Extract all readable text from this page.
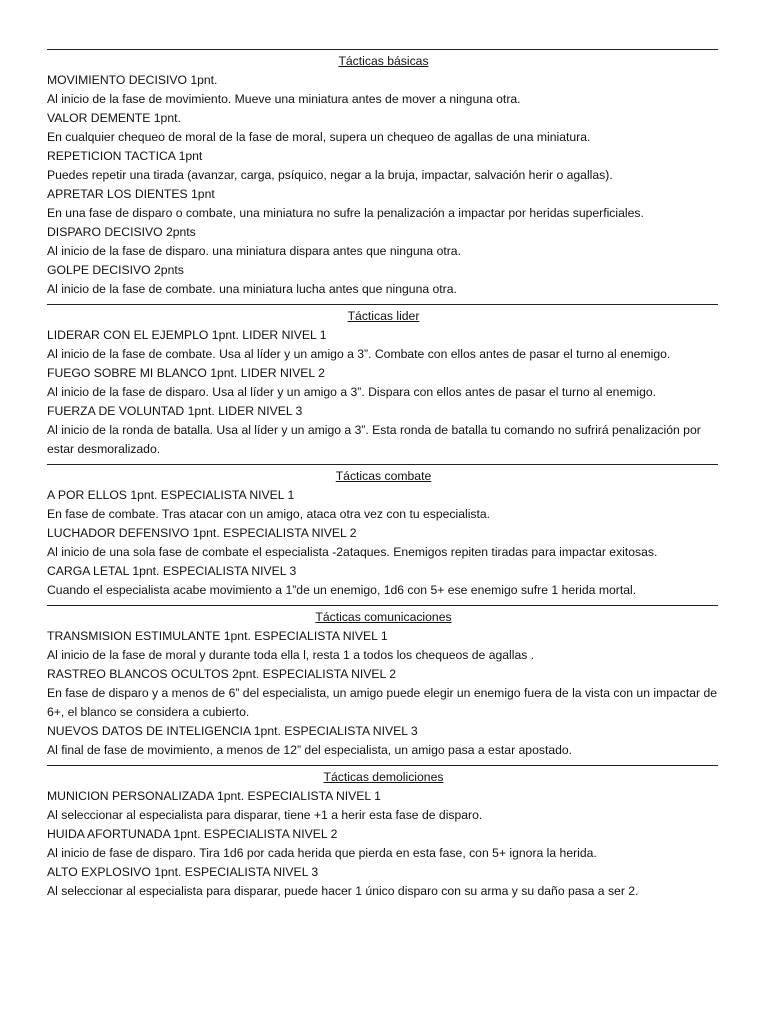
Tácticas básicas
MOVIMIENTO DECISIVO 1pnt.
Al inicio de la fase de movimiento. Mueve una miniatura antes de mover a ninguna otra.
VALOR DEMENTE 1pnt.
En cualquier chequeo de moral de la fase de moral, supera un chequeo de agallas de una miniatura.
REPETICION TACTICA 1pnt
Puedes repetir una tirada (avanzar, carga, psíquico, negar a la bruja, impactar, salvación herir o agallas).
APRETAR LOS DIENTES 1pnt
En una fase de disparo o combate, una miniatura no sufre la penalización a impactar por heridas superficiales.
DISPARO DECISIVO 2pnts
Al inicio de la fase de disparo. una miniatura dispara antes que ninguna otra.
GOLPE DECISIVO 2pnts
Al inicio de la fase de combate. una miniatura lucha antes que ninguna otra.
Tácticas lider
LIDERAR CON EL EJEMPLO 1pnt. LIDER NIVEL 1
Al inicio de la fase de combate. Usa al líder y un amigo a 3”. Combate con ellos antes de pasar el turno al enemigo.
FUEGO SOBRE MI BLANCO 1pnt. LIDER NIVEL 2
Al inicio de la fase de disparo. Usa al líder y un amigo a 3”. Dispara con ellos antes de pasar el turno al enemigo.
FUERZA DE VOLUNTAD 1pnt. LIDER NIVEL 3
Al inicio de la ronda de batalla. Usa al líder y un amigo a 3”. Esta ronda de batalla tu comando no sufrirá penalización por estar desmoralizado.
Tácticas combate
A POR ELLOS 1pnt. ESPECIALISTA NIVEL 1
En fase de combate. Tras atacar con un amigo, ataca otra vez con tu especialista.
LUCHADOR DEFENSIVO 1pnt. ESPECIALISTA NIVEL 2
Al inicio de una sola fase de combate el especialista -2ataques. Enemigos repiten tiradas para impactar exitosas.
CARGA LETAL 1pnt. ESPECIALISTA NIVEL 3
Cuando el especialista acabe movimiento a 1”de un enemigo, 1d6 con 5+ ese enemigo sufre 1 herida mortal.
Tácticas comunicaciones
TRANSMISION ESTIMULANTE 1pnt. ESPECIALISTA NIVEL 1
Al inicio de la fase de moral y durante toda ella l, resta 1 a todos los chequeos de agallas .
RASTREO BLANCOS OCULTOS 2pnt. ESPECIALISTA NIVEL 2
En fase de disparo y a menos de 6” del especialista, un amigo puede elegir un enemigo fuera de la vista con un impactar de 6+, el blanco se considera a cubierto.
NUEVOS DATOS DE INTELIGENCIA 1pnt. ESPECIALISTA NIVEL 3
Al final de fase de movimiento, a menos de 12” del especialista, un amigo pasa a estar apostado.
Tácticas demoliciones
MUNICION PERSONALIZADA 1pnt. ESPECIALISTA NIVEL 1
Al seleccionar al especialista para disparar, tiene +1 a herir esta fase de disparo.
HUIDA AFORTUNADA 1pnt. ESPECIALISTA NIVEL 2
Al inicio de fase de disparo. Tira 1d6 por cada herida que pierda en esta fase, con 5+ ignora la herida.
ALTO EXPLOSIVO 1pnt. ESPECIALISTA NIVEL 3
Al seleccionar al especialista para disparar, puede hacer 1 único disparo con su arma y su daño pasa a ser 2.
